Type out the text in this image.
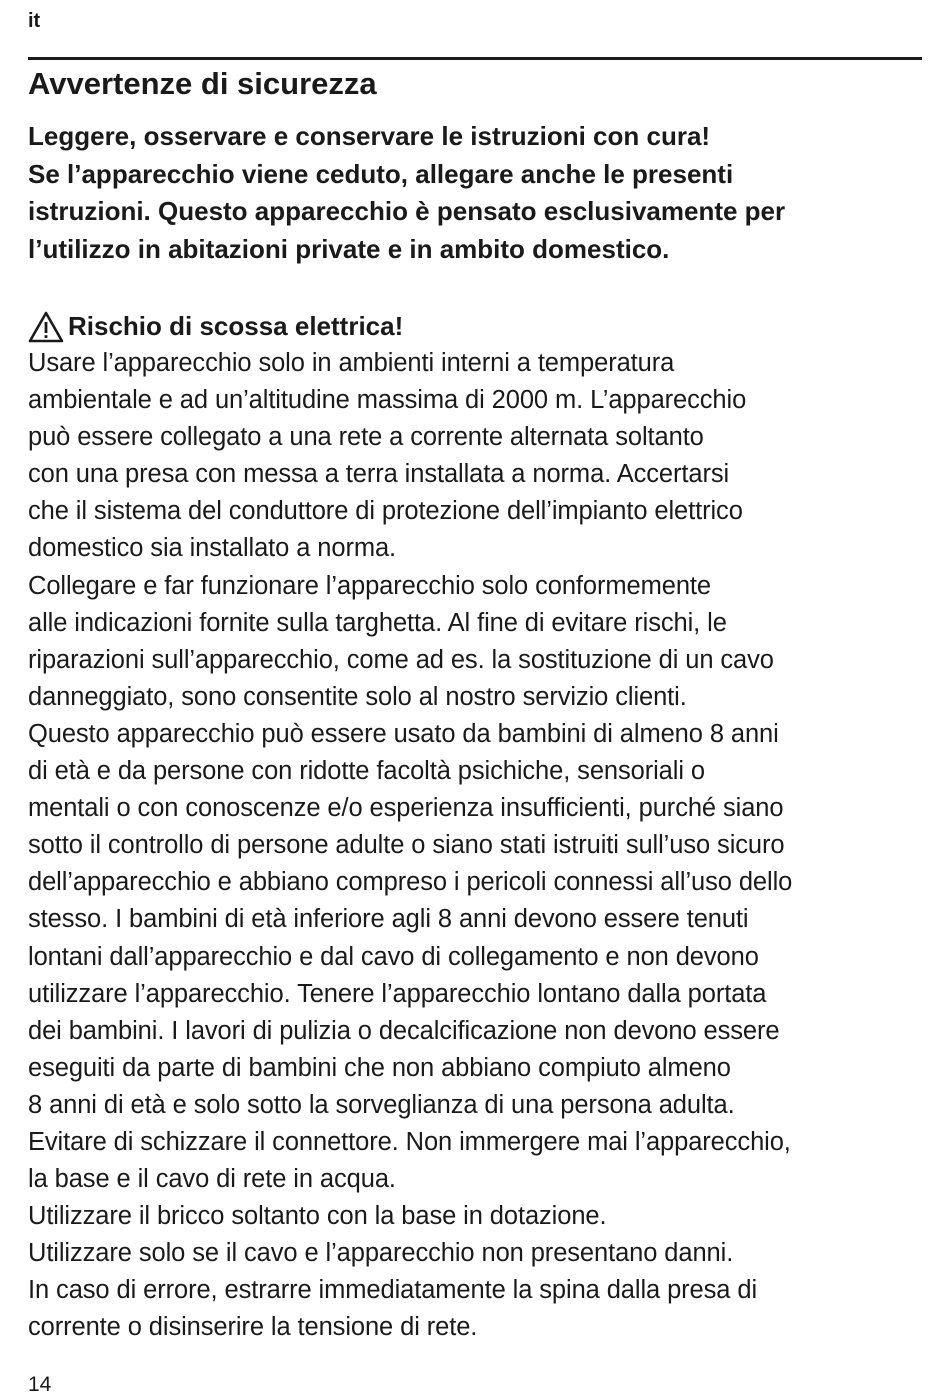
it
Avvertenze di sicurezza

Leggere, osservare e conservare le istruzioni con cura!
Se l’apparecchio viene ceduto, allegare anche le presenti
istruzioni. Questo apparecchio è pensato esclusivamente per
l’utilizzo in abitazioni private e in ambito domestico.

Rischio di scossa elettrica!

Usare l’apparecchio solo in ambienti interni a temperatura
ambientale e ad un’altitudine massima di 2000 m. L’apparecchio
può essere collegato a una rete a corrente alternata soltanto
con una presa con messa a terra installata a norma. Accertarsi
che il sistema del conduttore di protezione dell’impianto elettrico
domestico sia installato a norma.
Collegare e far funzionare l’apparecchio solo conformemente
alle indicazioni fornite sulla targhetta. Al fine di evitare rischi, le
riparazioni sull’apparecchio, come ad es. la sostituzione di un cavo
danneggiato, sono consentite solo al nostro servizio clienti.
Questo apparecchio può essere usato da bambini di almeno 8 anni
di età e da persone con ridotte facoltà psichiche, sensoriali o
mentali o con conoscenze e/o esperienza insufficienti, purché siano
sotto il controllo di persone adulte o siano stati istruiti sull’uso sicuro
dell’apparecchio e abbiano compreso i pericoli connessi all’uso dello
stesso. I bambini di età inferiore agli 8 anni devono essere tenuti
lontani dall’apparecchio e dal cavo di collegamento e non devono
utilizzare l’apparecchio. Tenere l’apparecchio lontano dalla portata
dei bambini. I lavori di pulizia o decalcificazione non devono essere
eseguiti da parte di bambini che non abbiano compiuto almeno
8 anni di età e solo sotto la sorveglianza di una persona adulta.
Evitare di schizzare il connettore. Non immergere mai l’apparecchio,
la base e il cavo di rete in acqua.
Utilizzare il bricco soltanto con la base in dotazione.
Utilizzare solo se il cavo e l’apparecchio non presentano danni.
In caso di errore, estrarre immediatamente la spina dalla presa di
corrente o disinserire la tensione di rete.

14
